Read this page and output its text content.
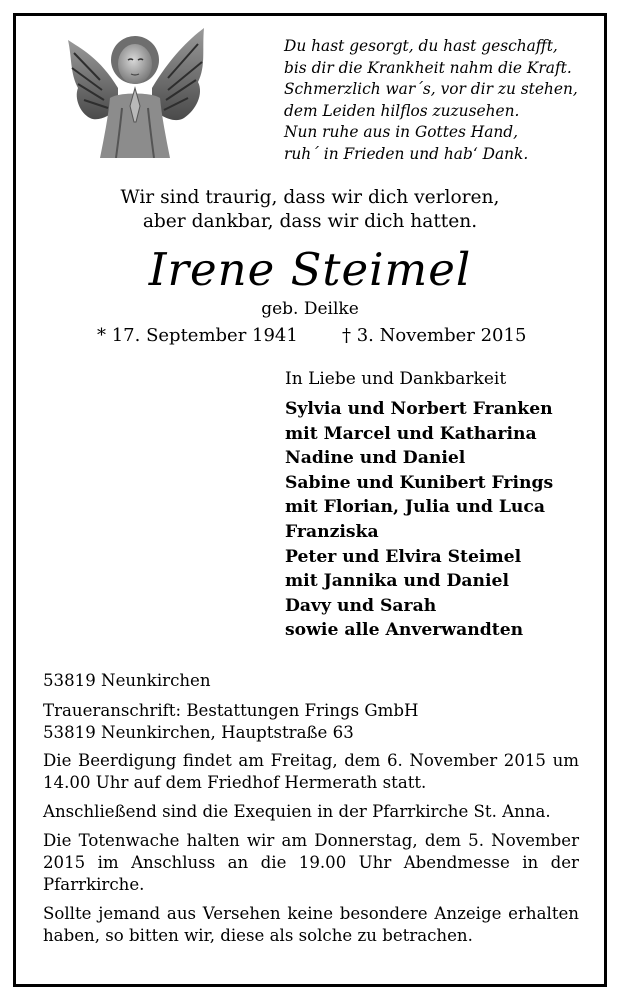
Du hast gesorgt, du hast geschafft,
bis dir die Krankheit nahm die Kraft.
Schmerzlich war´s, vor dir zu stehen,
dem Leiden hilflos zuzusehen.
Nun ruhe aus in Gottes Hand,
ruh´ in Frieden und hab‘ Dank.
Wir sind traurig, dass wir dich verloren,
aber dankbar, dass wir dich hatten.
Irene Steimel
geb. Deilke
* 17. September 1941 † 3. November 2015
In Liebe und Dankbarkeit
Sylvia und Norbert Franken
mit Marcel und Katharina
Nadine und Daniel
Sabine und Kunibert Frings
mit Florian, Julia und Luca
Franziska
Peter und Elvira Steimel
mit Jannika und Daniel
Davy und Sarah
sowie alle Anverwandten

53819 Neunkirchen

Traueranschrift: Bestattungen Frings GmbH

53819 Neunkirchen, Hauptstraße 63

Die Beerdigung findet am Freitag, dem 6. November 2015 um 14.00 Uhr auf dem Friedhof Hermerath statt.

Anschließend sind die Exequien in der Pfarrkirche St. Anna.

Die Totenwache halten wir am Donnerstag, dem 5. November 2015 im Anschluss an die 19.00 Uhr Abendmesse in der Pfarrkirche.

Sollte jemand aus Versehen keine besondere Anzeige erhalten haben, so bitten wir, diese als solche zu betrachen.
